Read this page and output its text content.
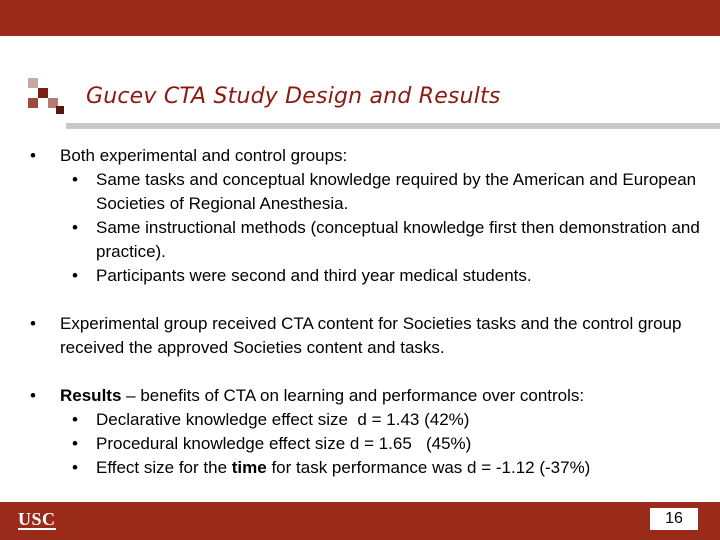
Gucev CTA Study Design and Results
• Both experimental and control groups:
• Same tasks and conceptual knowledge required by the American and European Societies of Regional Anesthesia.
• Same instructional methods (conceptual knowledge first then demonstration and practice).
• Participants were second and third year medical students.
• Experimental group received CTA content for Societies tasks and the control group received the approved Societies content and tasks.
• Results – benefits of CTA on learning and performance over controls:
• Declarative knowledge effect size  d = 1.43 (42%)
• Procedural knowledge effect size d = 1.65   (45%)
• Effect size for the time for task performance was d = -1.12 (-37%)
USC	16
